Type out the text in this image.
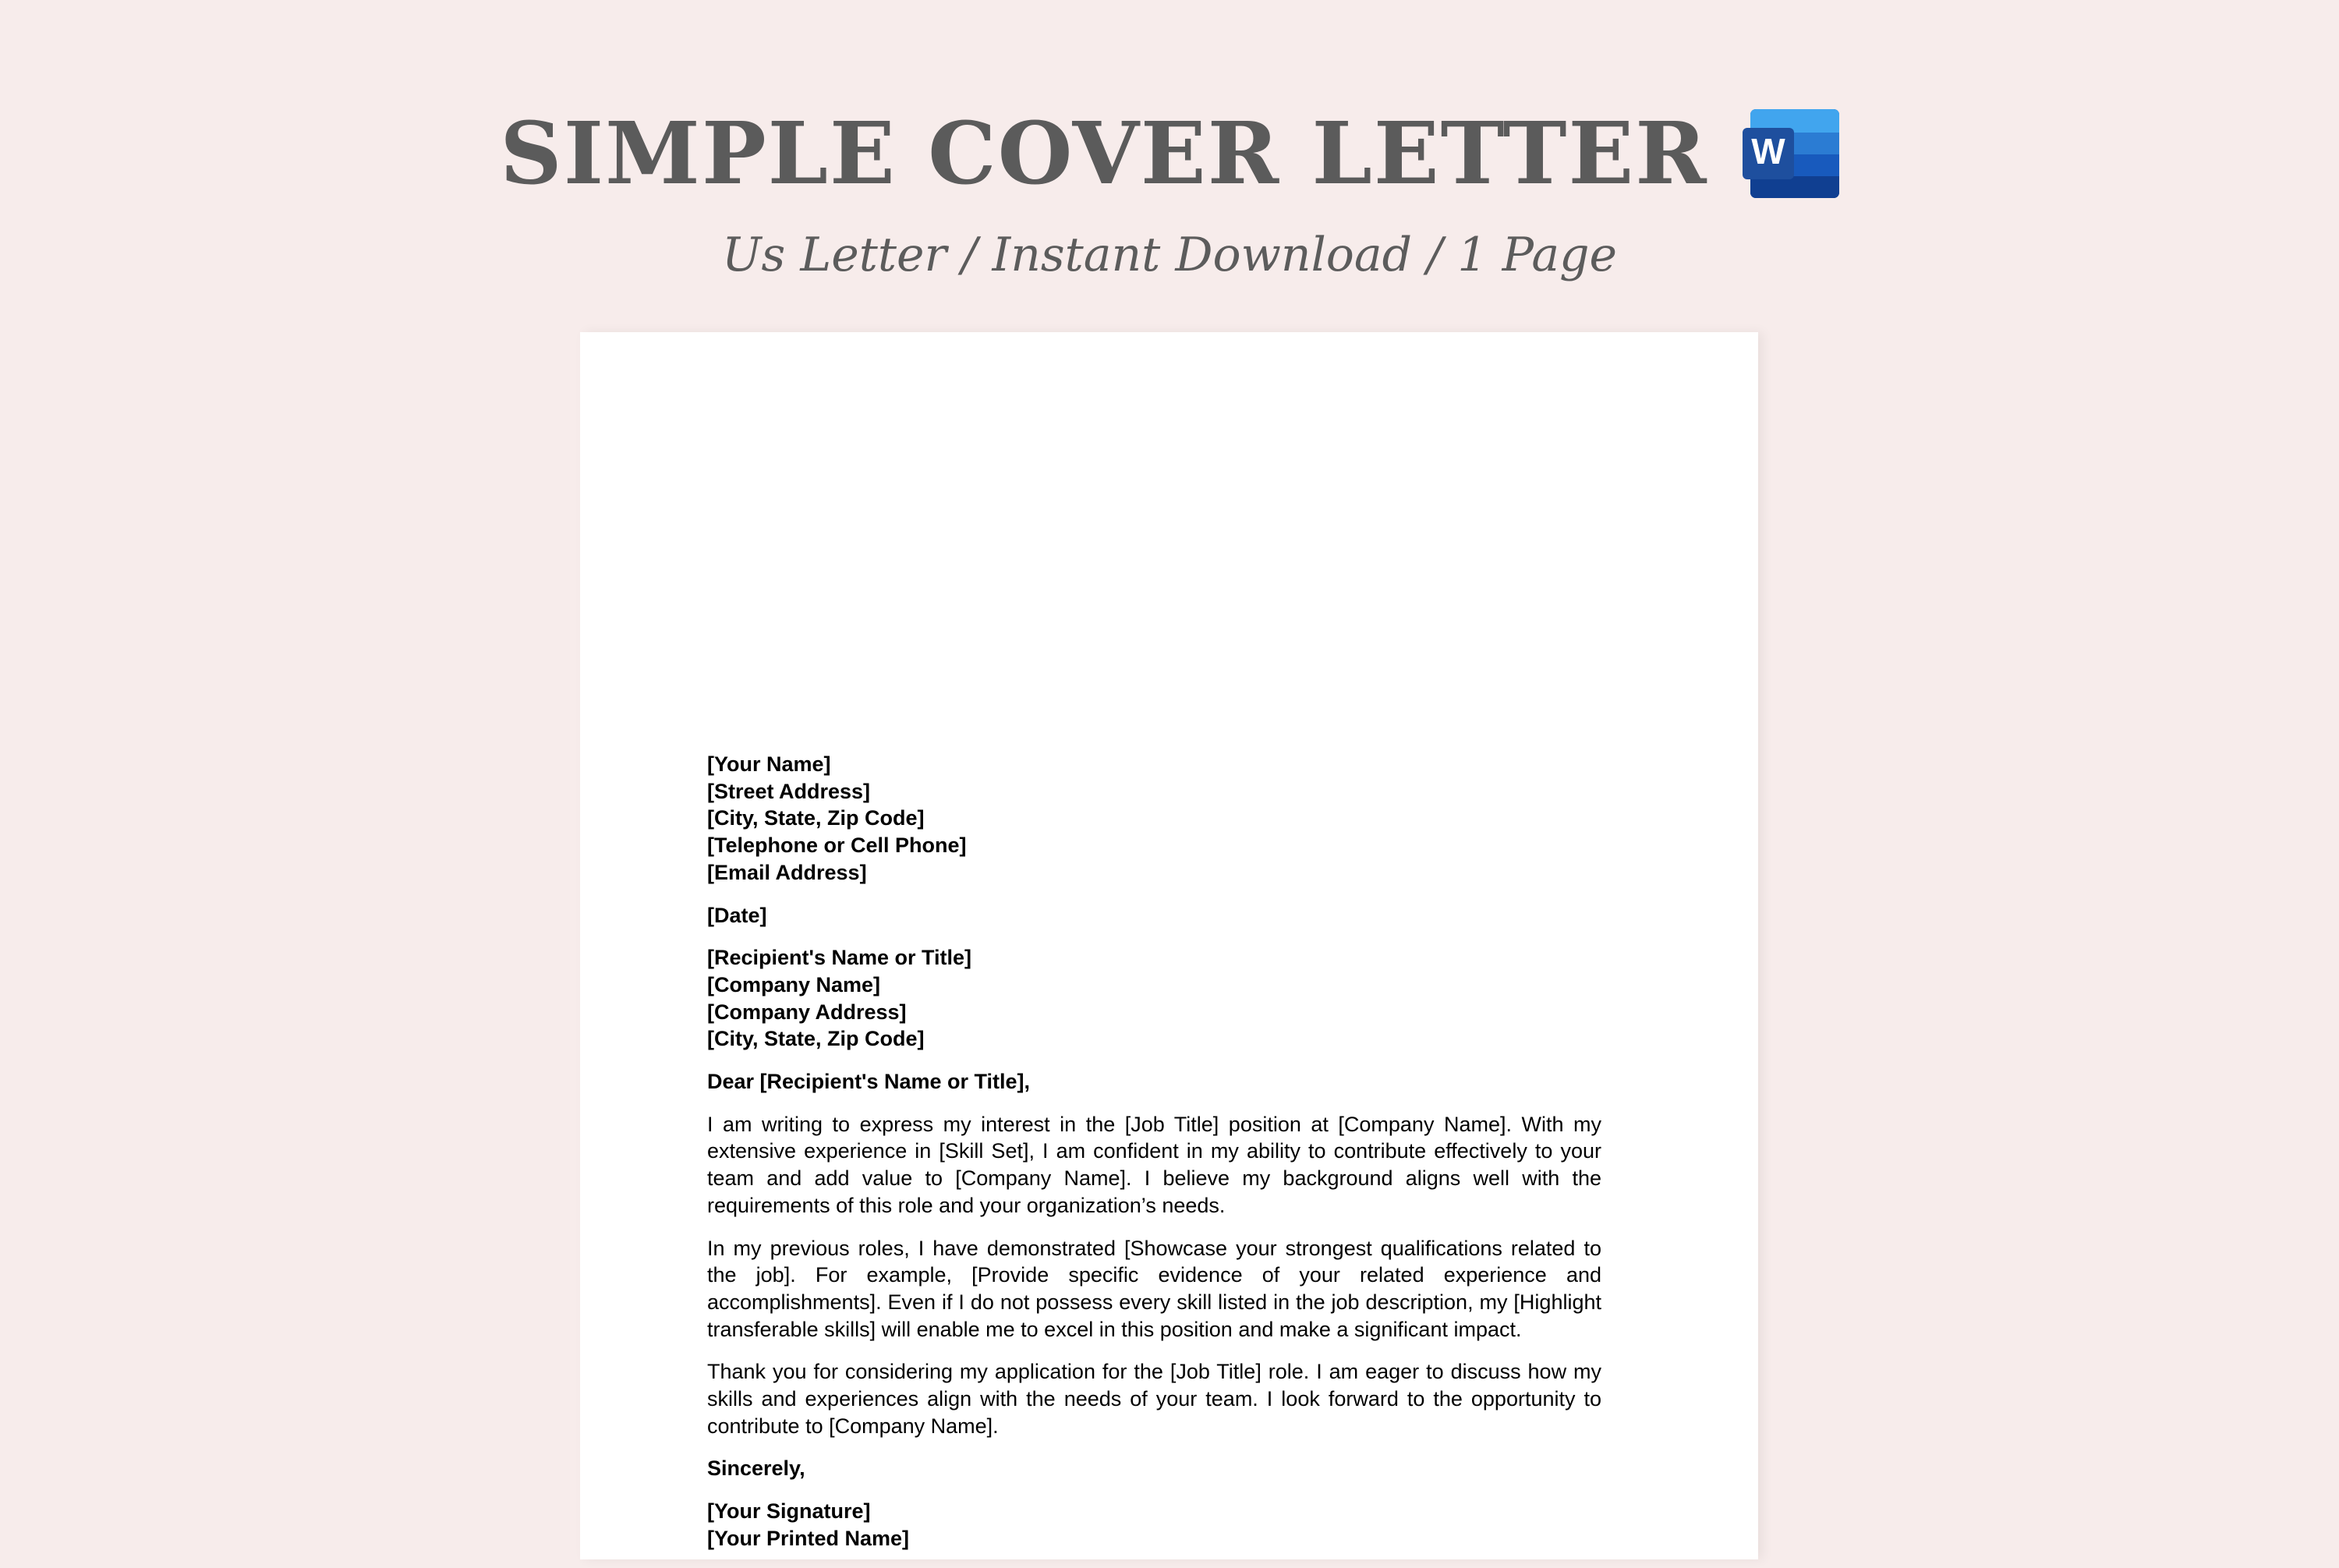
SIMPLE COVER LETTER W
Us Letter / Instant Download / 1 Page
[Your Name]
[Street Address]
[City, State, Zip Code]
[Telephone or Cell Phone]
[Email Address]
[Date]
[Recipient's Name or Title]
[Company Name]
[Company Address]
[City, State, Zip Code]
Dear [Recipient's Name or Title],

I am writing to express my interest in the [Job Title] position at [Company Name]. With my extensive experience in [Skill Set], I am confident in my ability to contribute effectively to your team and add value to [Company Name]. I believe my background aligns well with the requirements of this role and your organization’s needs.

In my previous roles, I have demonstrated [Showcase your strongest qualifications related to the job]. For example, [Provide specific evidence of your related experience and accomplishments]. Even if I do not possess every skill listed in the job description, my [Highlight transferable skills] will enable me to excel in this position and make a significant impact.

Thank you for considering my application for the [Job Title] role. I am eager to discuss how my skills and experiences align with the needs of your team. I look forward to the opportunity to contribute to [Company Name].

Sincerely,
[Your Signature]
[Your Printed Name]
